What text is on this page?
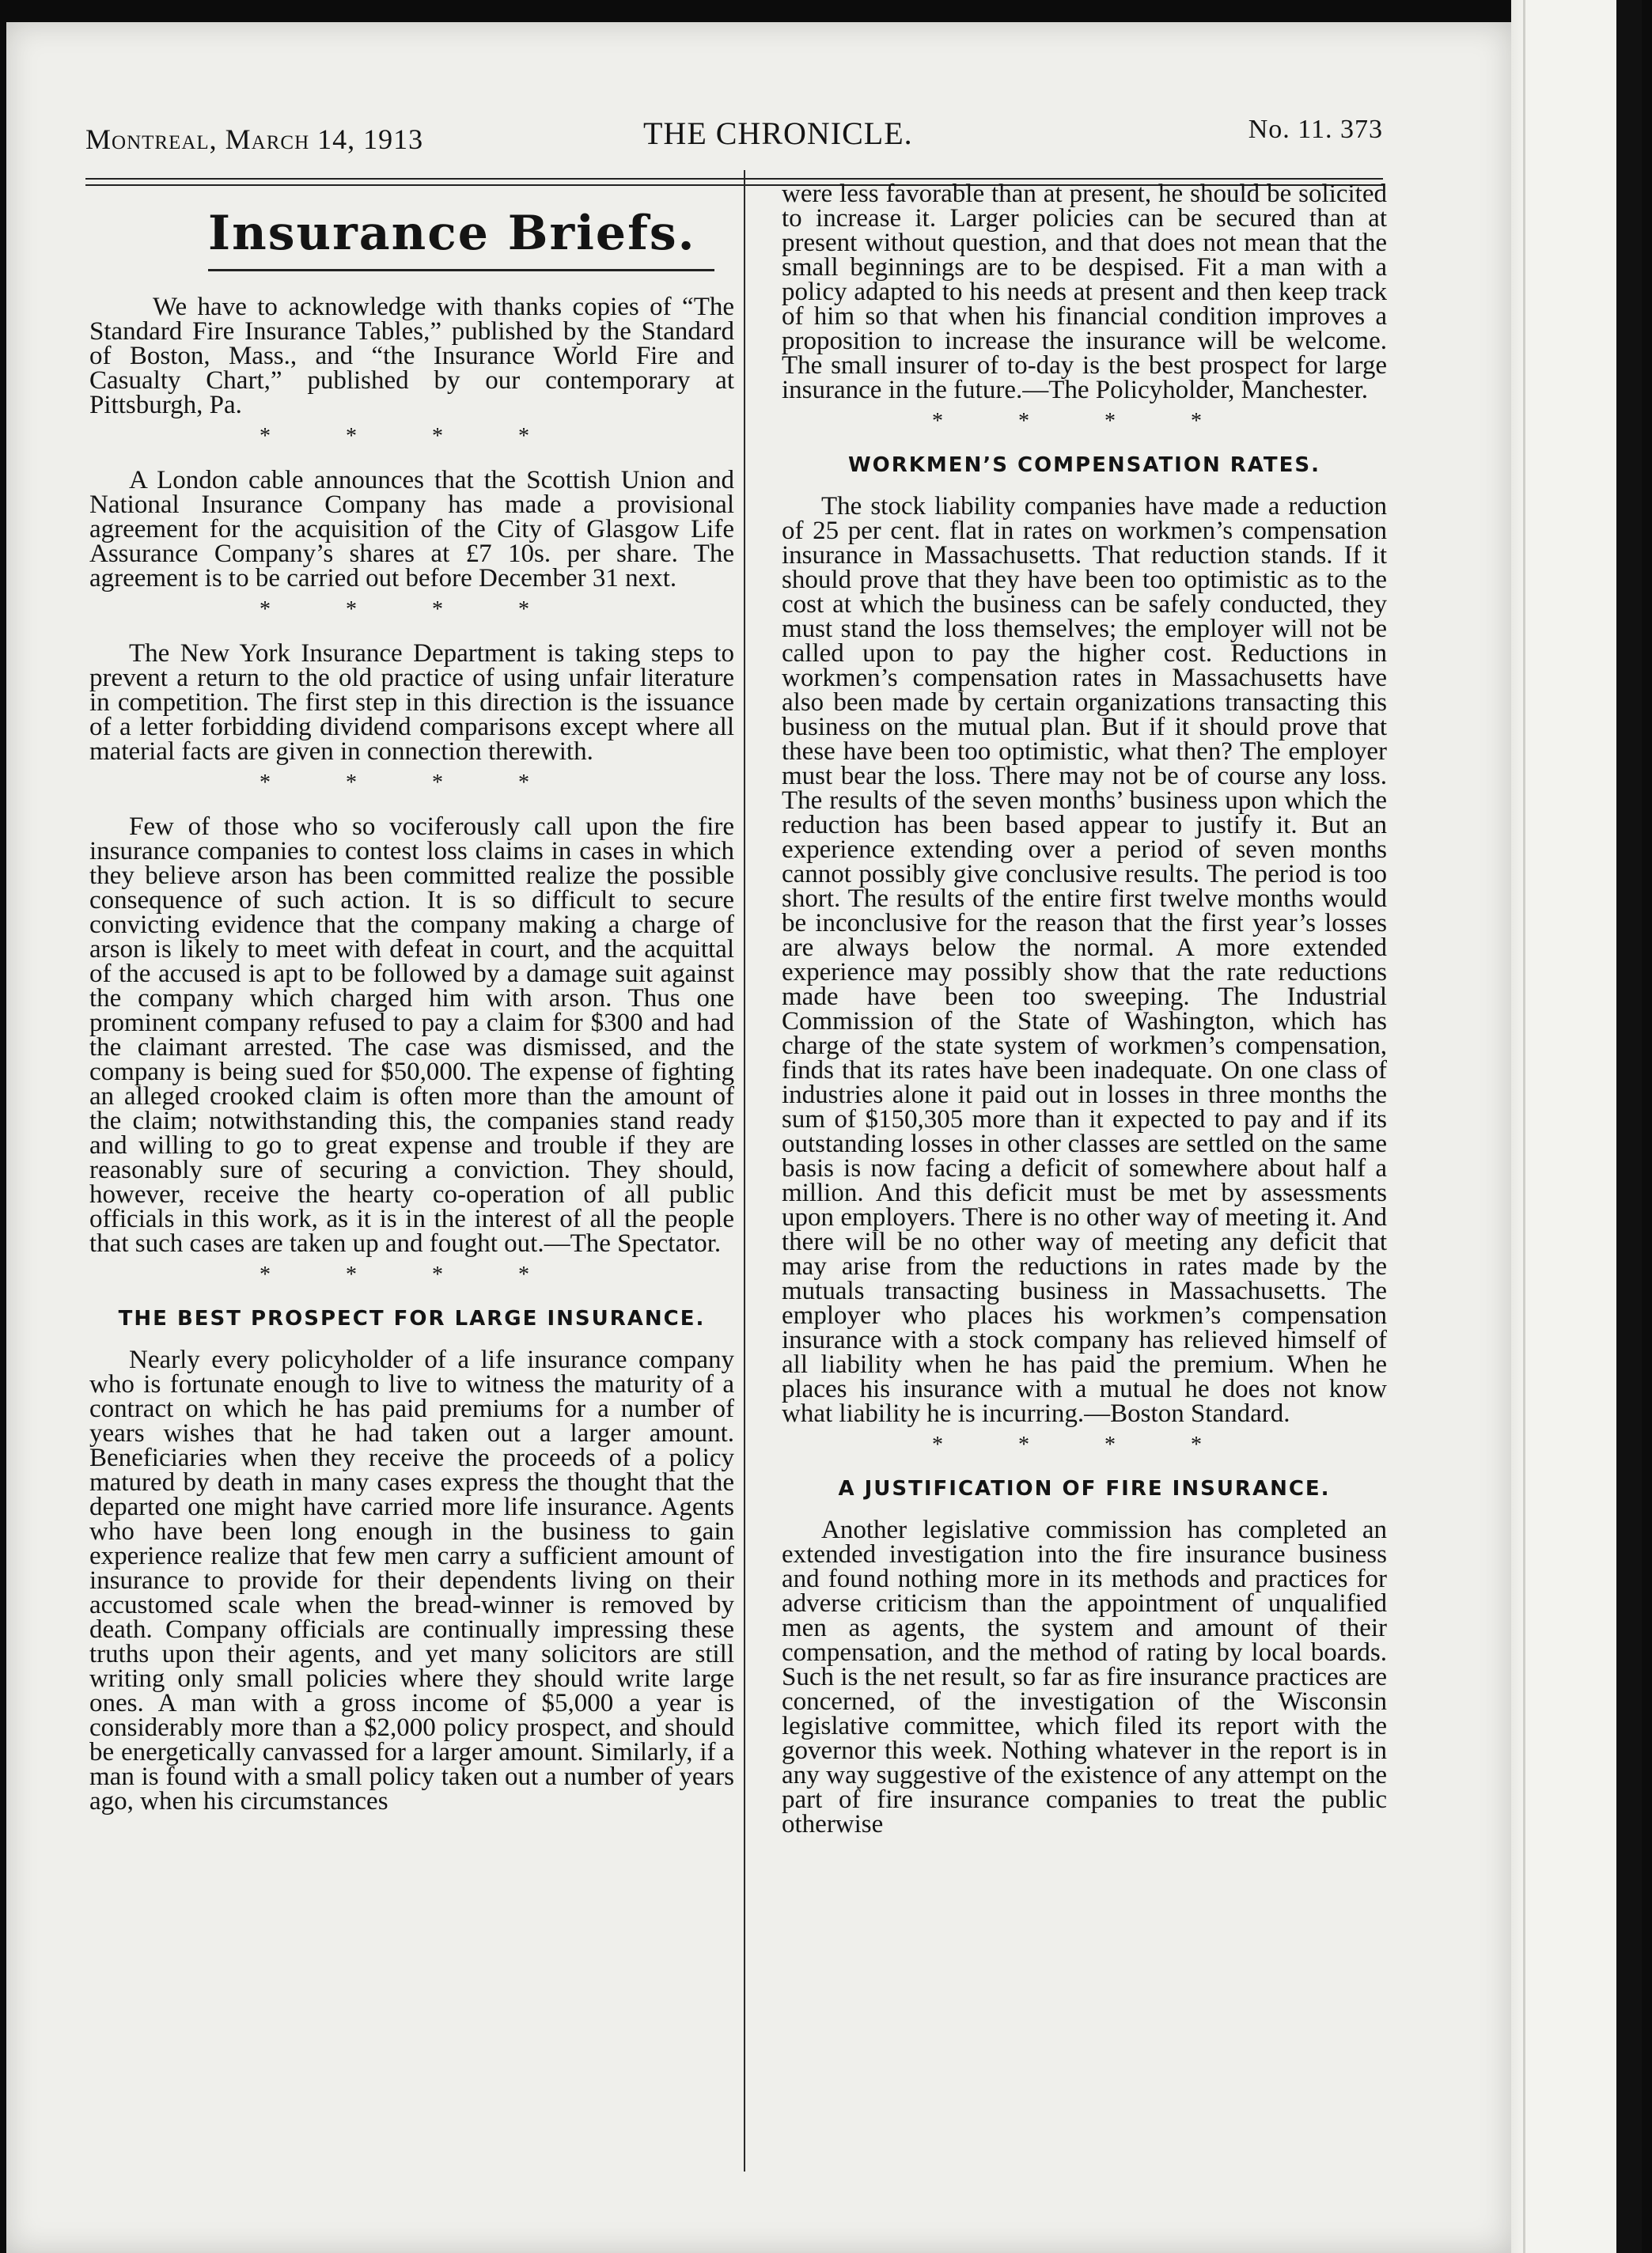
Montreal, March 14, 1913	THE CHRONICLE.	No. 11. 373
Insurance Briefs.

We have to acknowledge with thanks copies of “The Standard Fire Insurance Tables,” published by the Standard of Boston, Mass., and “the Insurance World Fire and Casualty Chart,” published by our contemporary at Pittsburgh, Pa.

* * * *

A London cable announces that the Scottish Union and National Insurance Company has made a provisional agreement for the acquisition of the City of Glasgow Life Assurance Company’s shares at £7 10s. per share. The agreement is to be carried out before December 31 next.

* * * *

The New York Insurance Department is taking steps to prevent a return to the old practice of using unfair literature in competition. The first step in this direction is the issuance of a letter forbidding dividend comparisons except where all material facts are given in connection therewith.

* * * *

Few of those who so vociferously call upon the fire insurance companies to contest loss claims in cases in which they believe arson has been committed realize the possible consequence of such action. It is so difficult to secure convicting evidence that the company making a charge of arson is likely to meet with defeat in court, and the acquittal of the accused is apt to be followed by a damage suit against the company which charged him with arson. Thus one prominent company refused to pay a claim for $300 and had the claimant arrested. The case was dismissed, and the company is being sued for $50,000. The expense of fighting an alleged crooked claim is often more than the amount of the claim; notwithstanding this, the companies stand ready and willing to go to great expense and trouble if they are reasonably sure of securing a conviction. They should, however, receive the hearty co-operation of all public officials in this work, as it is in the interest of all the people that such cases are taken up and fought out.—The Spectator.

* * * *
THE BEST PROSPECT FOR LARGE INSURANCE.

Nearly every policyholder of a life insurance company who is fortunate enough to live to witness the maturity of a contract on which he has paid premiums for a number of years wishes that he had taken out a larger amount. Beneficiaries when they receive the proceeds of a policy matured by death in many cases express the thought that the departed one might have carried more life insurance. Agents who have been long enough in the business to gain experience realize that few men carry a sufficient amount of insurance to provide for their dependents living on their accustomed scale when the bread-winner is removed by death. Company officials are continually impressing these truths upon their agents, and yet many solicitors are still writing only small policies where they should write large ones. A man with a gross income of $5,000 a year is considerably more than a $2,000 policy prospect, and should be energetically canvassed for a larger amount. Similarly, if a man is found with a small policy taken out a number of years ago, when his circumstances

were less favorable than at present, he should be solicited to increase it. Larger policies can be secured than at present without question, and that does not mean that the small beginnings are to be despised. Fit a man with a policy adapted to his needs at present and then keep track of him so that when his financial condition improves a proposition to increase the insurance will be welcome. The small insurer of to-day is the best prospect for large insurance in the future.—The Policyholder, Manchester.

* * * *
WORKMEN’S COMPENSATION RATES.

The stock liability companies have made a reduction of 25 per cent. flat in rates on workmen’s compensation insurance in Massachusetts. That reduction stands. If it should prove that they have been too optimistic as to the cost at which the business can be safely conducted, they must stand the loss themselves; the employer will not be called upon to pay the higher cost. Reductions in workmen’s compensation rates in Massachusetts have also been made by certain organizations transacting this business on the mutual plan. But if it should prove that these have been too optimistic, what then? The employer must bear the loss. There may not be of course any loss. The results of the seven months’ business upon which the reduction has been based appear to justify it. But an experience extending over a period of seven months cannot possibly give conclusive results. The period is too short. The results of the entire first twelve months would be inconclusive for the reason that the first year’s losses are always below the normal. A more extended experience may possibly show that the rate reductions made have been too sweeping. The Industrial Commission of the State of Washington, which has charge of the state system of workmen’s compensation, finds that its rates have been inadequate. On one class of industries alone it paid out in losses in three months the sum of $150,305 more than it expected to pay and if its outstanding losses in other classes are settled on the same basis is now facing a deficit of somewhere about half a million. And this deficit must be met by assessments upon employers. There is no other way of meeting it. And there will be no other way of meeting any deficit that may arise from the reductions in rates made by the mutuals transacting business in Massachusetts. The employer who places his workmen’s compensation insurance with a stock company has relieved himself of all liability when he has paid the premium. When he places his insurance with a mutual he does not know what liability he is incurring.—Boston Standard.

* * * *
A JUSTIFICATION OF FIRE INSURANCE.

Another legislative commission has completed an extended investigation into the fire insurance business and found nothing more in its methods and practices for adverse criticism than the appointment of unqualified men as agents, the system and amount of their compensation, and the method of rating by local boards. Such is the net result, so far as fire insurance practices are concerned, of the investigation of the Wisconsin legislative committee, which filed its report with the governor this week. Nothing whatever in the report is in any way suggestive of the existence of any attempt on the part of fire insurance companies to treat the public otherwise
